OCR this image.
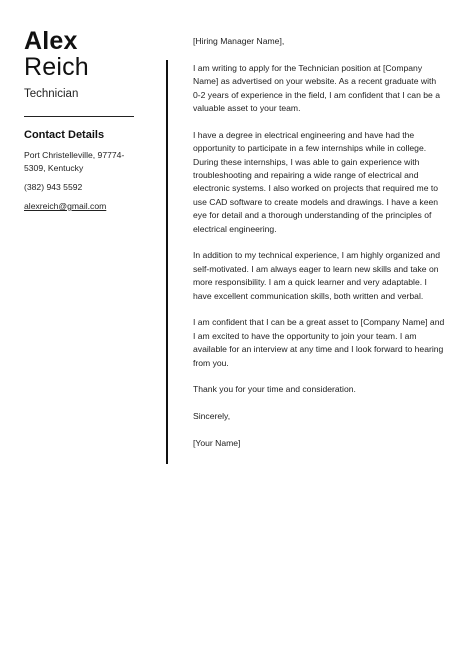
Alex
Reich
Technician
Contact Details
Port Christelleville, 97774-5309, Kentucky
(382) 943 5592
alexreich@gmail.com

[Hiring Manager Name],

I am writing to apply for the Technician position at [Company Name] as advertised on your website. As a recent graduate with 0-2 years of experience in the field, I am confident that I can be a valuable asset to your team.

I have a degree in electrical engineering and have had the opportunity to participate in a few internships while in college. During these internships, I was able to gain experience with troubleshooting and repairing a wide range of electrical and electronic systems. I also worked on projects that required me to use CAD software to create models and drawings. I have a keen eye for detail and a thorough understanding of the principles of electrical engineering.

In addition to my technical experience, I am highly organized and self-motivated. I am always eager to learn new skills and take on more responsibility. I am a quick learner and very adaptable. I have excellent communication skills, both written and verbal.

I am confident that I can be a great asset to [Company Name] and I am excited to have the opportunity to join your team. I am available for an interview at any time and I look forward to hearing from you.

Thank you for your time and consideration.

Sincerely,

[Your Name]
